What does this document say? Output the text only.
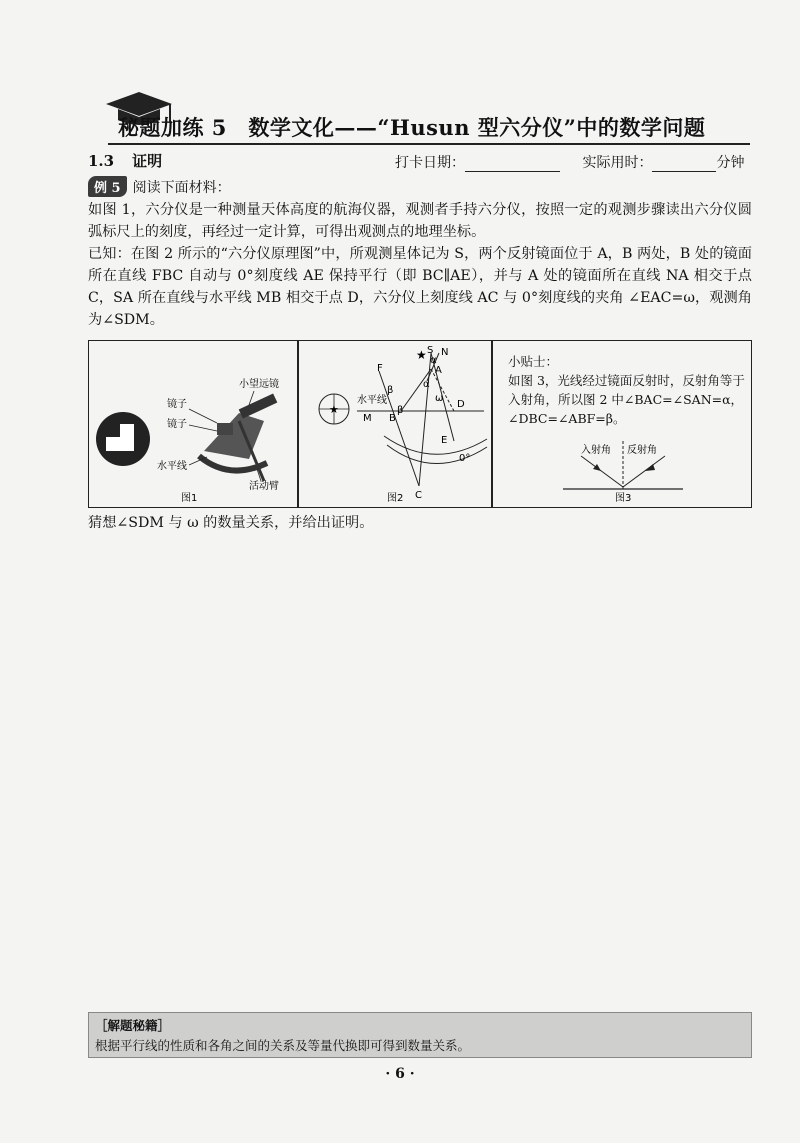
秘题加练 5　数学文化——“Husun 型六分仪”中的数学问题
1.3 证明	打卡日期：	实际用时：	分钟
例 5 阅读下面材料：
如图 1，六分仪是一种测量天体高度的航海仪器，观测者手持六分仪，按照一定的观测步骤读出六分仪圆弧标尺上的刻度，再经过一定计算，可得出观测点的地理坐标。
已知：在图 2 所示的“六分仪原理图”中，所观测星体记为 S，两个反射镜面位于 A，B 两处，B 处的镜面所在直线 FBC 自动与 0°刻度线 AE 保持平行（即 BC∥AE），并与 A 处的镜面所在直线 NA 相交于点 C，SA 所在直线与水平线 MB 相交于点 D，六分仪上刻度线 AC 与 0°刻度线的夹角 ∠EAC=ω，观测角为∠SDM。
小望远镜
镜子
镜子
水平线
活动臂
图1
★
★
水平线
S N
A
F
M B
D
E
C
α
α
ω
β
β
0°
图2
入射角 反射角
图3
小贴士：
如图 3，光线经过镜面反射时，反射角等于入射角，所以图 2 中∠BAC=∠SAN=α，∠DBC=∠ABF=β。
猜想∠SDM 与 ω 的数量关系，并给出证明。
［解题秘籍］
根据平行线的性质和各角之间的关系及等量代换即可得到数量关系。
· 6 ·
